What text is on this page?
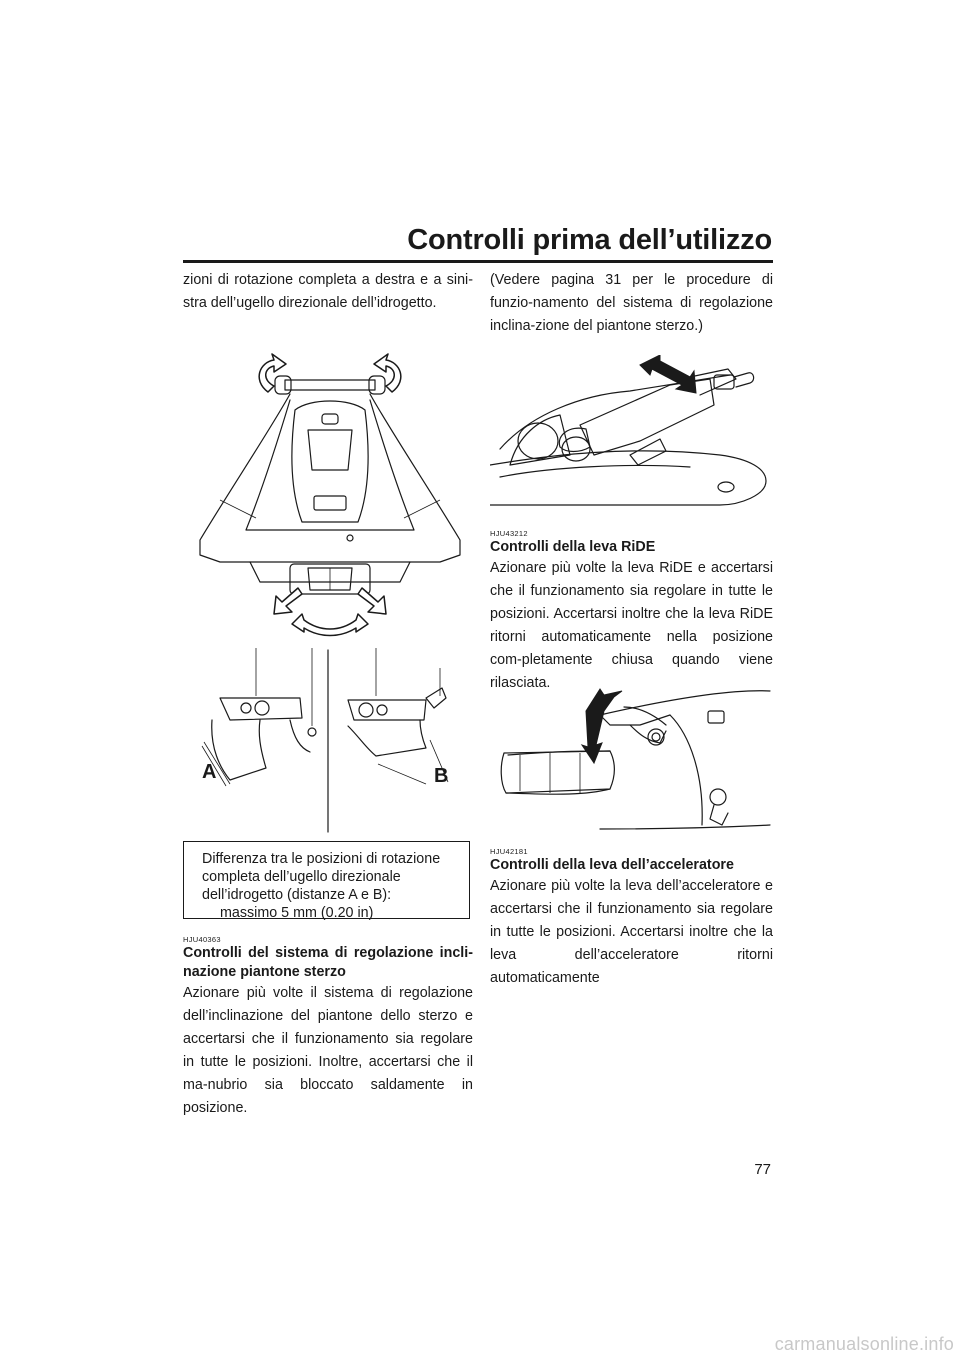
Controlli prima dell’utilizzo

zioni di rotazione completa a destra e a sini-stra dell’ugello direzionale dell’idrogetto.

A	B
Differenza tra le posizioni di rotazione
completa dell’ugello direzionale
dell’idrogetto (distanze A e B):
massimo 5 mm (0.20 in)
HJU40363

Controlli del sistema di regolazione incli-nazione piantone sterzo

Azionare più volte il sistema di regolazione dell’inclinazione del piantone dello sterzo e accertarsi che il funzionamento sia regolare in tutte le posizioni. Inoltre, accertarsi che il ma-nubrio sia bloccato saldamente in posizione.

(Vedere pagina 31 per le procedure di funzio-namento del sistema di regolazione inclina-zione del piantone sterzo.)

HJU43212

Controlli della leva RiDE

Azionare più volte la leva RiDE e accertarsi che il funzionamento sia regolare in tutte le posizioni. Accertarsi inoltre che la leva RiDE ritorni automaticamente nella posizione com-pletamente chiusa quando viene rilasciata.

HJU42181

Controlli della leva dell’acceleratore

Azionare più volte la leva dell’acceleratore e accertarsi che il funzionamento sia regolare in tutte le posizioni. Accertarsi inoltre che la leva dell’acceleratore ritorni automaticamente

77
carmanualsonline.info
